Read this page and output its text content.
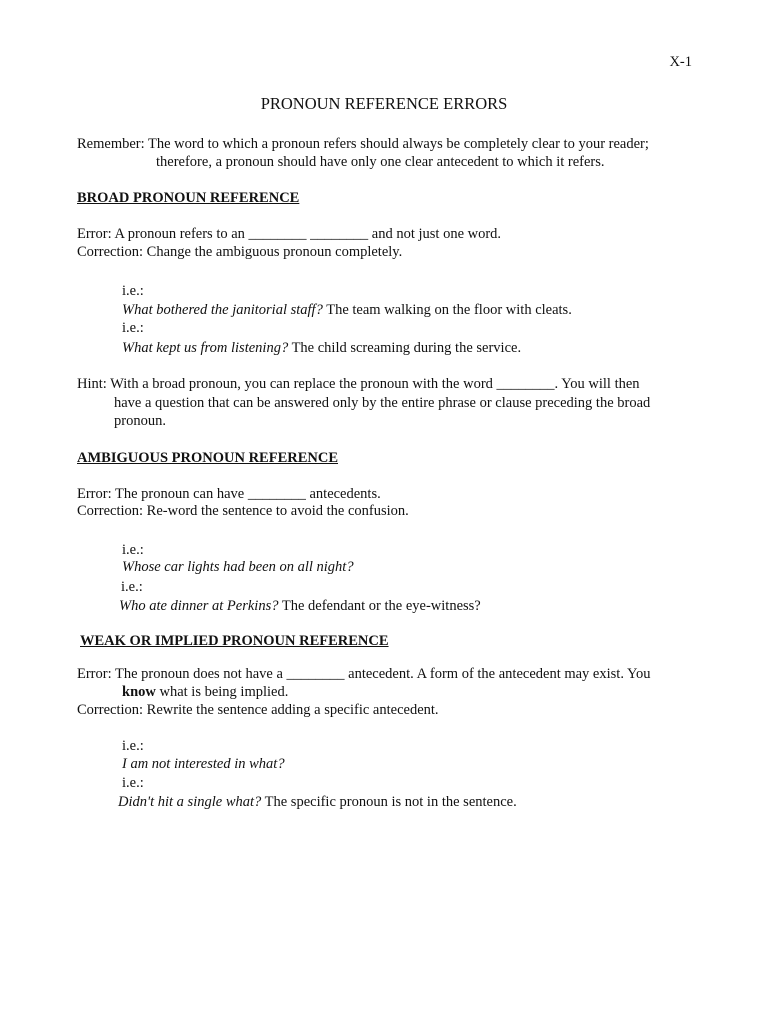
X-1
PRONOUN REFERENCE ERRORS
Remember: The word to which a pronoun refers should always be completely clear to your reader;
therefore, a pronoun should have only one clear antecedent to which it refers.
BROAD PRONOUN REFERENCE
Error: A pronoun refers to an ________ ________ and not just one word.
Correction: Change the ambiguous pronoun completely.
i.e.:
What bothered the janitorial staff? The team walking on the floor with cleats.
i.e.:
What kept us from listening? The child screaming during the service.
Hint: With a broad pronoun, you can replace the pronoun with the word ________. You will then
have a question that can be answered only by the entire phrase or clause preceding the broad
pronoun.
AMBIGUOUS PRONOUN REFERENCE
Error: The pronoun can have ________ antecedents.
Correction: Re-word the sentence to avoid the confusion.
i.e.:
Whose car lights had been on all night?
i.e.:
Who ate dinner at Perkins? The defendant or the eye-witness?
WEAK OR IMPLIED PRONOUN REFERENCE
Error: The pronoun does not have a ________ antecedent. A form of the antecedent may exist. You
know what is being implied.
Correction: Rewrite the sentence adding a specific antecedent.
i.e.:
I am not interested in what?
i.e.:
Didn't hit a single what? The specific pronoun is not in the sentence.
